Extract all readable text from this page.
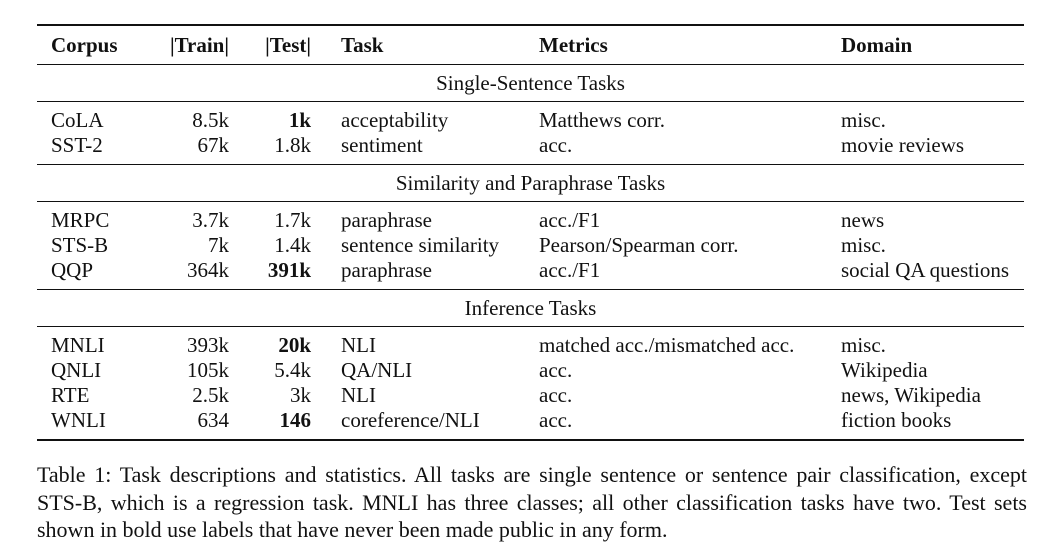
Corpus	|Train|	|Test|	Task	Metrics	Domain
Single-Sentence Tasks					
CoLA	8.5k	1k	acceptability	Matthews corr.	misc.
SST-2	67k	1.8k	sentiment	acc.	movie reviews
Similarity and Paraphrase Tasks					
MRPC	3.7k	1.7k	paraphrase	acc./F1	news
STS-B	7k	1.4k	sentence similarity	Pearson/Spearman corr.	misc.
QQP	364k	391k	paraphrase	acc./F1	social QA questions
Inference Tasks					
MNLI	393k	20k	NLI	matched acc./mismatched acc.	misc.
QNLI	105k	5.4k	QA/NLI	acc.	Wikipedia
RTE	2.5k	3k	NLI	acc.	news, Wikipedia
WNLI	634	146	coreference/NLI	acc.	fiction books

Table 1: Task descriptions and statistics. All tasks are single sentence or sentence pair classification, except STS-B, which is a regression task. MNLI has three classes; all other classification tasks have two. Test sets shown in bold use labels that have never been made public in any form.
